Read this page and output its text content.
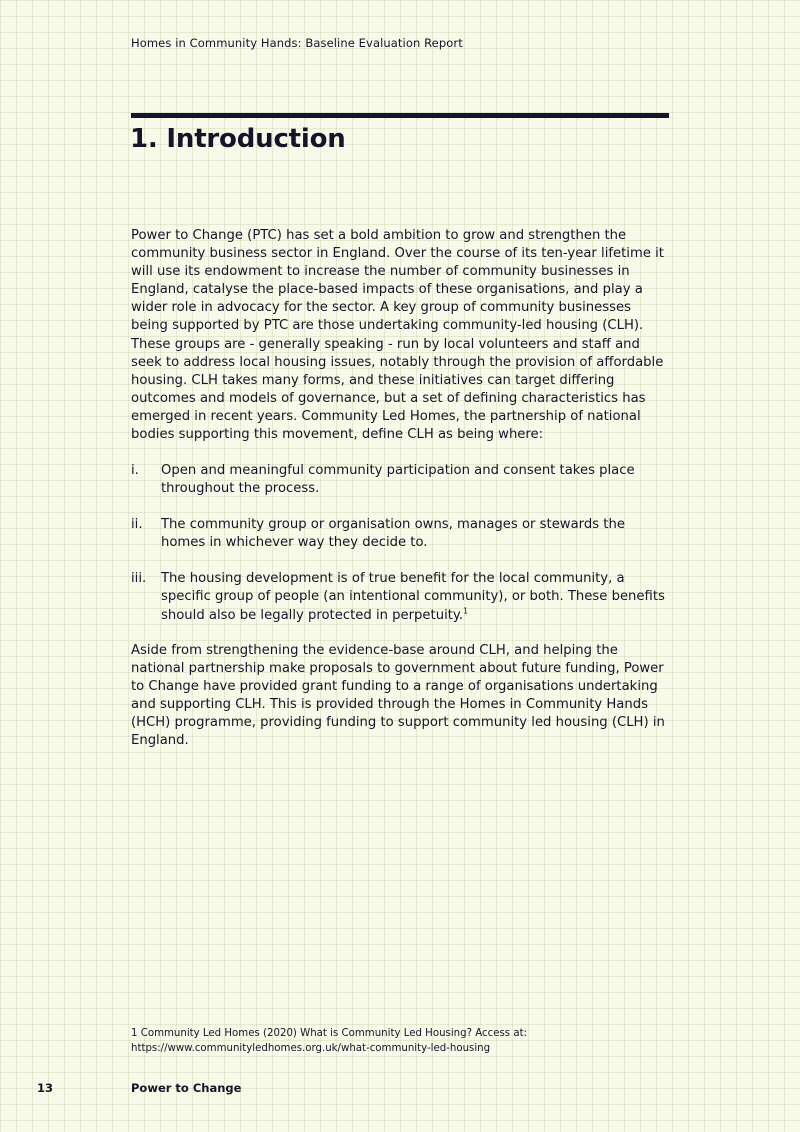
Homes in Community Hands: Baseline Evaluation Report
1. Introduction

Power to Change (PTC) has set a bold ambition to grow and strengthen the community business sector in England. Over the course of its ten-year lifetime it will use its endowment to increase the number of community businesses in England, catalyse the place-based impacts of these organisations, and play a wider role in advocacy for the sector. A key group of community businesses being supported by PTC are those undertaking community-led housing (CLH). These groups are - generally speaking - run by local volunteers and staff and seek to address local housing issues, notably through the provision of affordable housing. CLH takes many forms, and these initiatives can target differing outcomes and models of governance, but a set of defining characteristics has emerged in recent years. Community Led Homes, the partnership of national bodies supporting this movement, define CLH as being where:

i. Open and meaningful community participation and consent takes place throughout the process.
ii. The community group or organisation owns, manages or stewards the homes in whichever way they decide to.
iii. The housing development is of true benefit for the local community, a specific group of people (an intentional community), or both. These benefits should also be legally protected in perpetuity.$^1$

Aside from strengthening the evidence-base around CLH, and helping the national partnership make proposals to government about future funding, Power to Change have provided grant funding to a range of organisations undertaking and supporting CLH. This is provided through the Homes in Community Hands (HCH) programme, providing funding to support community led housing (CLH) in England.

1 Community Led Homes (2020) What is Community Led Housing? Access at: https://www.communityledhomes.org.uk/what-community-led-housing
13	Power to Change
